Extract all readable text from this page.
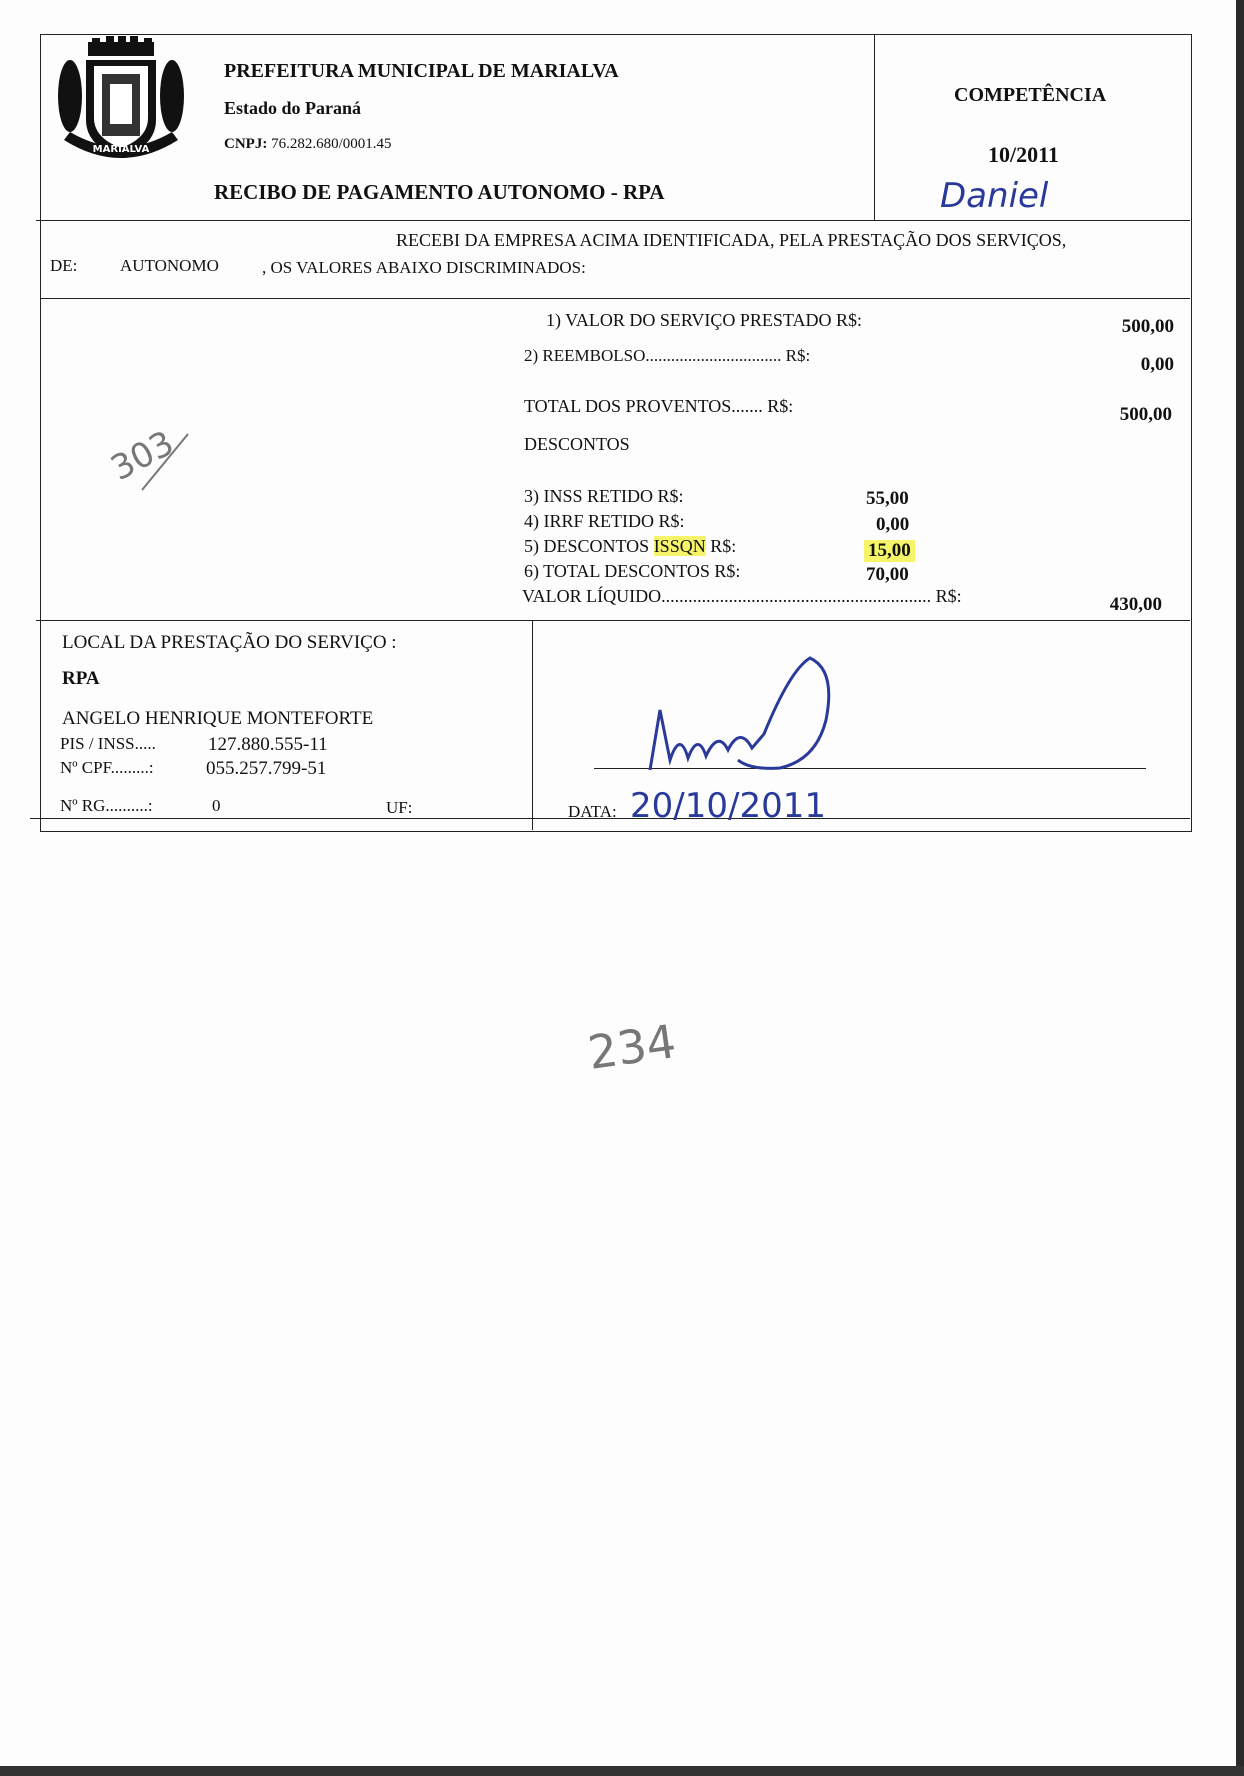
MARIALVA
PREFEITURA MUNICIPAL DE MARIALVA
Estado do Paraná
CNPJ: 76.282.680/0001.45
RECIBO DE PAGAMENTO AUTONOMO - RPA
COMPETÊNCIA
10/2011
Daniel
RECEBI DA EMPRESA ACIMA IDENTIFICADA, PELA PRESTAÇÃO DOS SERVIÇOS,
DE:	AUTONOMO	, OS VALORES ABAIXO DISCRIMINADOS:
1) VALOR DO SERVIÇO PRESTADO R$:	500,00
2) REEMBOLSO................................ R$:	0,00
TOTAL DOS PROVENTOS....... R$:	500,00
DESCONTOS
3) INSS RETIDO R$:	55,00
4) IRRF RETIDO R$:	0,00
5) DESCONTOS ISSQN R$:	15,00
6) TOTAL DESCONTOS R$:	70,00
VALOR LÍQUIDO............................................................ R$:	430,00
303
LOCAL DA PRESTAÇÃO DO SERVIÇO :
RPA
ANGELO HENRIQUE MONTEFORTE
PIS / INSS.....	127.880.555-11
Nº CPF.........:	055.257.799-51
Nº RG..........:	0	UF:	DATA: 20/10/2011
234
